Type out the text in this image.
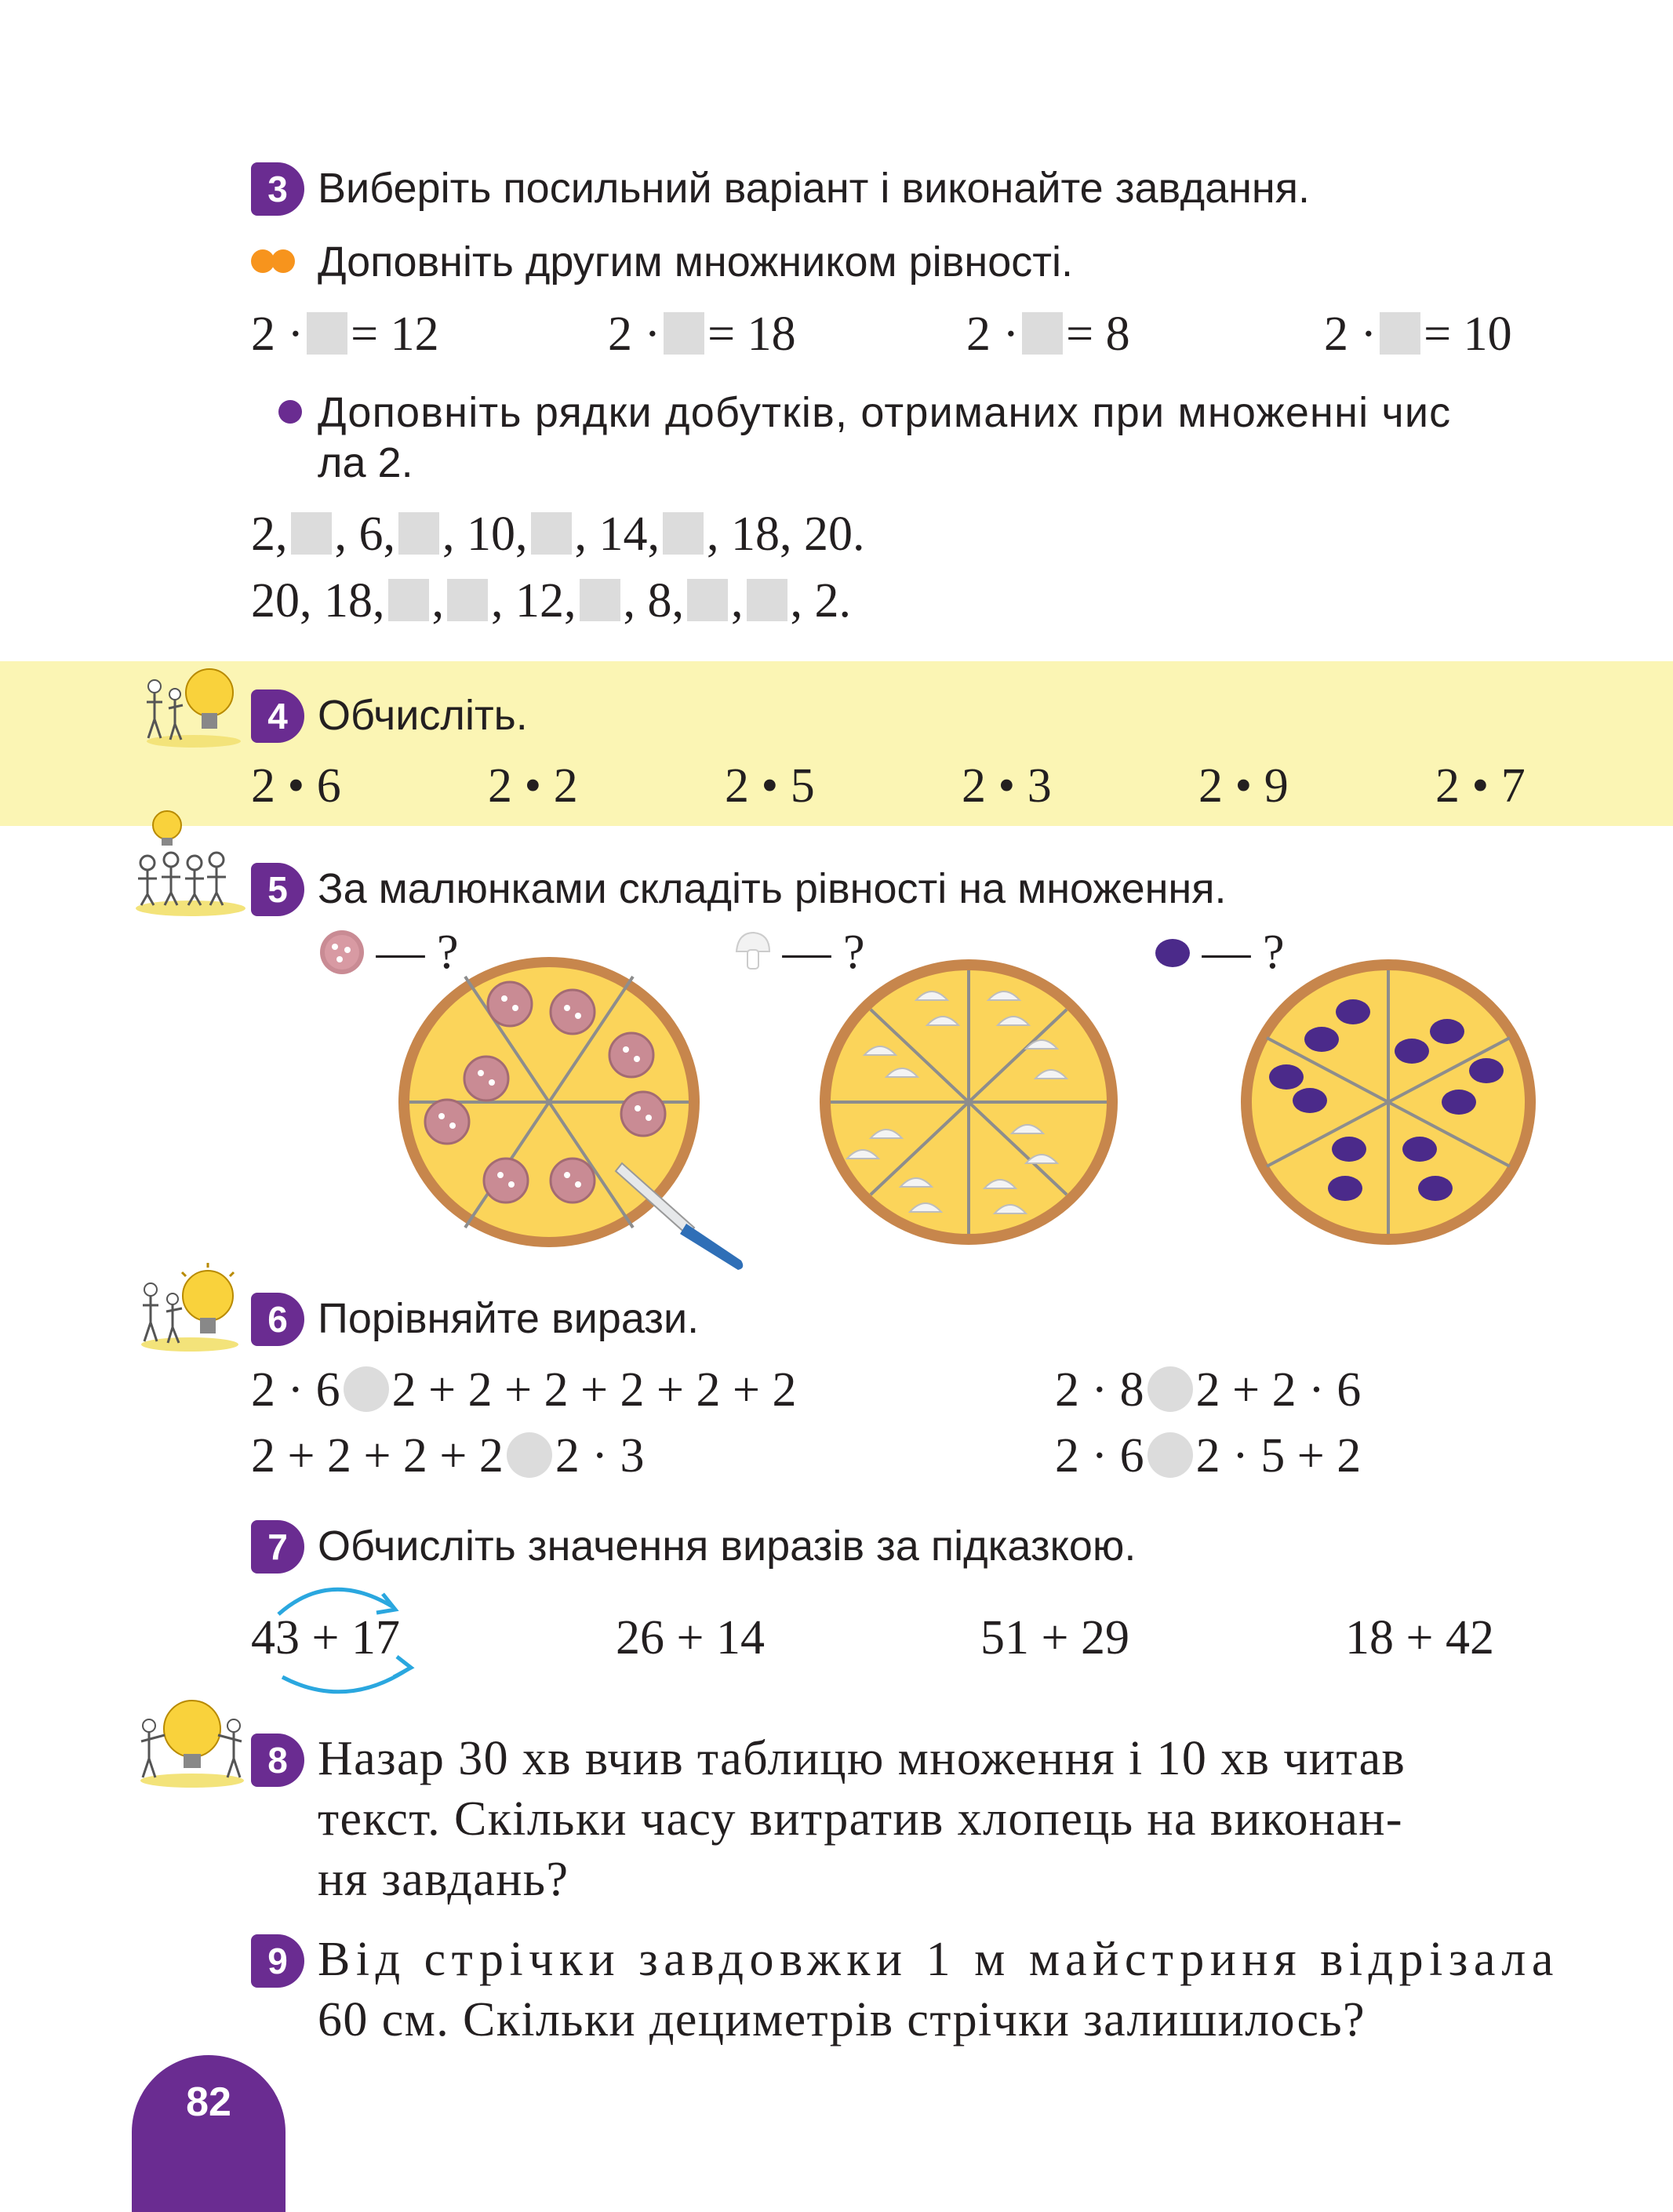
3 Виберіть посильний варіант і виконайте завдання.
Доповніть другим множником рівності.
2 · = 12	2 · = 18	2 · = 8	2 · = 10
Доповніть рядки добутків, отриманих при множенні чис
ла 2.
2, , 6, , 10, , 14, , 18, 20.
20, 18, , , 12, , 8, , , 2.
4 Обчисліть.
2 • 6	2 • 2	2 • 5	2 • 3	2 • 9	2 • 7
5 За малюнками складіть рівності на множення.
— ?	— ?	— ?
6 Порівняйте вирази.
2 · 6 2 + 2 + 2 + 2 + 2 + 2
2 + 2 + 2 + 2 2 · 3
2 · 8 2 + 2 · 6
2 · 6 2 · 5 + 2
7 Обчисліть значення виразів за підказкою.
43 + 17	26 + 14	51 + 29	18 + 42
8 Назар 30 хв вчив таблицю множення і 10 хв читав
текст. Скільки часу витратив хлопець на виконан-
ня завдань?
9 Від стрічки завдовжки 1 м майстриня відрізала
60 см. Скільки дециметрів стрічки залишилось?
82
